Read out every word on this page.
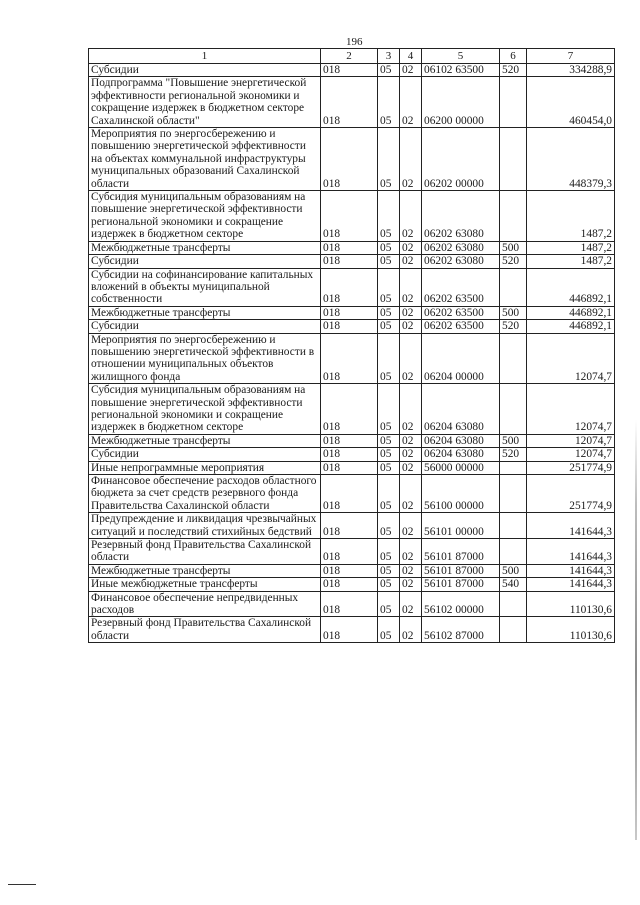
196
1	2	3	4	5	6	7
Субсидии	018	05	02	06102 63500	520	334288,9
Подпрограмма "Повышение энергетической эффективности региональной экономики и сокращение издержек в бюджетном секторе Сахалинской области"	018	05	02	06200 00000		460454,0
Мероприятия по энергосбережению и повышению энергетической эффективности на объектах коммунальной инфраструктуры муниципальных образований Сахалинской области	018	05	02	06202 00000		448379,3
Субсидия муниципальным образованиям на повышение энергетической эффективности региональной экономики и сокращение издержек в бюджетном секторе	018	05	02	06202 63080		1487,2
Межбюджетные трансферты	018	05	02	06202 63080	500	1487,2
Субсидии	018	05	02	06202 63080	520	1487,2
Субсидии на софинансирование капитальных вложений в объекты муниципальной собственности	018	05	02	06202 63500		446892,1
Межбюджетные трансферты	018	05	02	06202 63500	500	446892,1
Субсидии	018	05	02	06202 63500	520	446892,1
Мероприятия по энергосбережению и повышению энергетической эффективности в отношении муниципальных объектов жилищного фонда	018	05	02	06204 00000		12074,7
Субсидия муниципальным образованиям на повышение энергетической эффективности региональной экономики и сокращение издержек в бюджетном секторе	018	05	02	06204 63080		12074,7
Межбюджетные трансферты	018	05	02	06204 63080	500	12074,7
Субсидии	018	05	02	06204 63080	520	12074,7
Иные непрограммные мероприятия	018	05	02	56000 00000		251774,9
Финансовое обеспечение расходов областного бюджета за счет средств резервного фонда Правительства Сахалинской области	018	05	02	56100 00000		251774,9
Предупреждение и ликвидация чрезвычайных ситуаций и последствий стихийных бедствий	018	05	02	56101 00000		141644,3
Резервный фонд Правительства Сахалинской области	018	05	02	56101 87000		141644,3
Межбюджетные трансферты	018	05	02	56101 87000	500	141644,3
Иные межбюджетные трансферты	018	05	02	56101 87000	540	141644,3
Финансовое обеспечение непредвиденных расходов	018	05	02	56102 00000		110130,6
Резервный фонд Правительства Сахалинской области	018	05	02	56102 87000		110130,6
